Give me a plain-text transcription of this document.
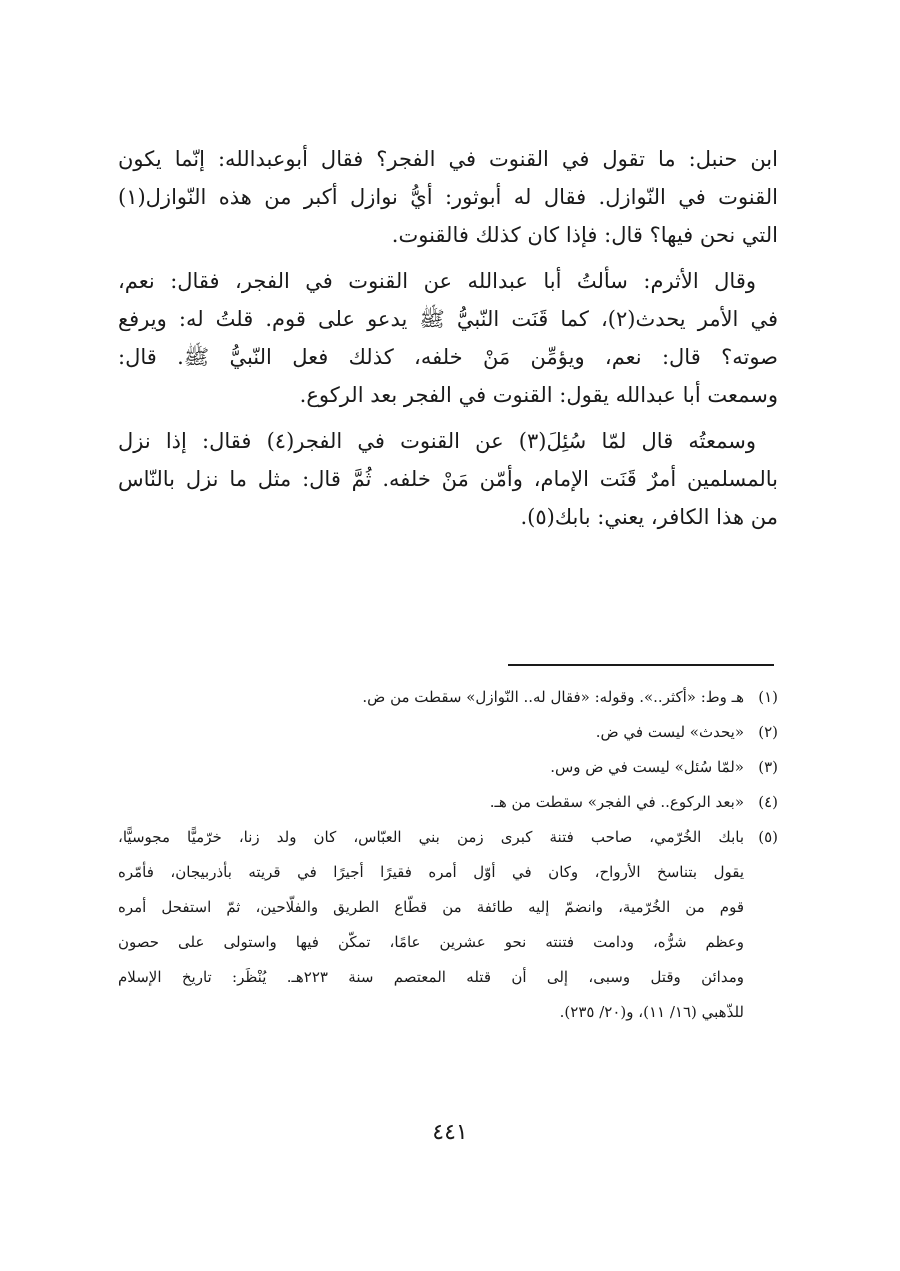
ابن حنبل: ما تقول في القنوت في الفجر؟ فقال أبوعبدالله: إنّما يكون
القنوت في النّوازل. فقال له أبوثور: أيُّ نوازل أكبر من هذه النّوازل(١)
التي نحن فيها؟ قال: فإذا كان كذلك فالقنوت.
وقال الأثرم: سألتُ أبا عبدالله عن القنوت في الفجر، فقال: نعم،
في الأمر يحدث(٢)، كما قَنَت النّبيُّ ﷺ يدعو على قوم. قلتُ له: ويرفع
صوته؟ قال: نعم، ويؤمِّن مَنْ خلفه، كذلك فعل النّبيُّ ﷺ. قال:
وسمعت أبا عبدالله يقول: القنوت في الفجر بعد الركوع.
وسمعتُه قال لمّا سُئِلَ(٣) عن القنوت في الفجر(٤) فقال: إذا نزل
بالمسلمين أمرٌ قَنَت الإمام، وأمّن مَنْ خلفه. ثُمَّ قال: مثل ما نزل بالنّاس
من هذا الكافر، يعني: بابك(٥).
(١)
هـ وط: «أكثر..». وقوله: «فقال له.. النّوازل» سقطت من ض.
(٢)
«يحدث» ليست في ض.
(٣)
«لمّا سُئل» ليست في ض وس.
(٤)
«بعد الركوع.. في الفجر» سقطت من هـ.
(٥)
بابك الخُرّمي، صاحب فتنة كبرى زمن بني العبّاس، كان ولد زنا، خرّميًّا مجوسيًّا،
يقول بتناسخ الأرواح، وكان في أوّل أمره فقيرًا أجيرًا في قريته بأذربيجان، فأمّره
قوم من الخُرّمية، وانضمّ إليه طائفة من قطّاع الطريق والفلّاحين، ثمّ استفحل أمره
وعظم شرُّه، ودامت فتنته نحو عشرين عامًا، تمكّن فيها واستولى على حصون
ومدائن وقتل وسبى، إلى أن قتله المعتصم سنة ٢٢٣هـ. يُنْظَر: تاريخ الإسلام
للذّهبي (١٦/ ١١)، و(٢٠/ ٢٣٥).
٤٤١
